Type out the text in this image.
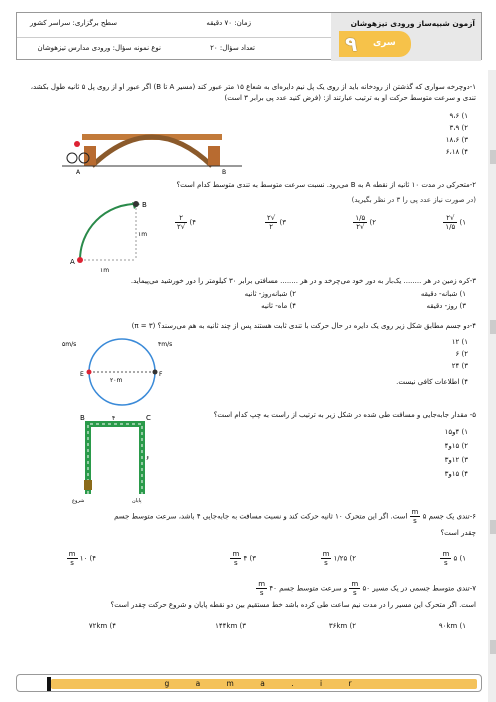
آزمون شبیه‌ساز ورودی تیزهوشان
۹ سری
زمان: ۷۰ دقیقه
سطح برگزاری: سراسر کشور
تعداد سؤال: ۲۰
نوع نمونه سؤال: ورودی مدارس تیزهوشان
۱-دوچرخه سواری که گذشتن از رودخانه باید از روی یک پل نیم دایره‌ای به شعاع ۱۵ متر عبور کند (مسیر A تا B) اگر عبور او از روی پل ۵ ثانیه طول بکشد، تندی و سرعت متوسط حرکت او به ترتیب عبارتند از: (فرض کنید عدد پی برابر ۳ است)
A	B
۱) ۹،۶
۲) ۳،۹
۳) ۱۸،۶
۴) ۶،۱۸
۲-متحرکی در مدت ۱۰ ثانیه از نقطه A به B می‌رود. نسبت سرعت متوسط به تندی متوسط کدام است؟
(در صورت نیاز عدد پی را ۳ در نظر بگیرید)
A
B
۱m
۱m
۱)
$\frac{√۲}{۱/۵}$
۲)
$\frac{۱/۵}{√۲}$
۳)
$\frac{√۲}{۲}$
۴)
$\frac{۲}{√۲}$
۳-کره زمین در هر ........ یک‌بار به دور خود می‌چرخد و در هر ........ مسافتی برابر ۳۰ کیلومتر را دور خورشید می‌پیماید.
۱) شبانه- دقیقه
۲) شبانه‌روز- ثانیه
۳) روز- دقیقه
۴) ماه- ثانیه
۴-دو جسم مطابق شکل زیر روی یک دایره در حال حرکت با تندی ثابت هستند پس از چند ثانیه به هم می‌رسند؟ (π = ۳)
E	F
۵m/s	۴m/s
۲۰m
۱) ۱۲
۲) ۶
۳) ۲۴
۴) اطلاعات کافی نیست.
۵- مقدار جابه‌جایی و مسافت طی شده در شکل زیر به ترتیب از راست به چپ کدام است؟
B	C
۴
۶
شروع	پایان
۱) ۴و۱۵
۲) ۱۵و۴
۳) ۱۲و۳
۴) ۱۵و۳
۶-تندی یک جسم ۵
$\frac{m}{s}$
است. اگر این متحرک ۱۰ ثانیه حرکت کند و نسبت مسافت به جابه‌جایی ۴ باشد، سرعت متوسط جسم
چقدر است؟
۱) ۵
$\frac{m}{s}$
۲) ۱/۲۵
$\frac{m}{s}$
۳) ۴
$\frac{m}{s}$
۴) ۱۰
$\frac{m}{s}$
۷-تندی متوسط جسمی در یک مسیر ۵۰
$\frac{m}{s}$
و سرعت متوسط جسم ۴۰
$\frac{m}{s}$
است. اگر متحرک این مسیر را در مدت نیم ساعت طی کرده باشد خط مستقیم بین دو نقطه پایان و شروع حرکت چقدر است؟
۱) ۹۰km
۲) ۳۶km
۳) ۱۴۴km
۴) ۷۲km
g a m a . i r
